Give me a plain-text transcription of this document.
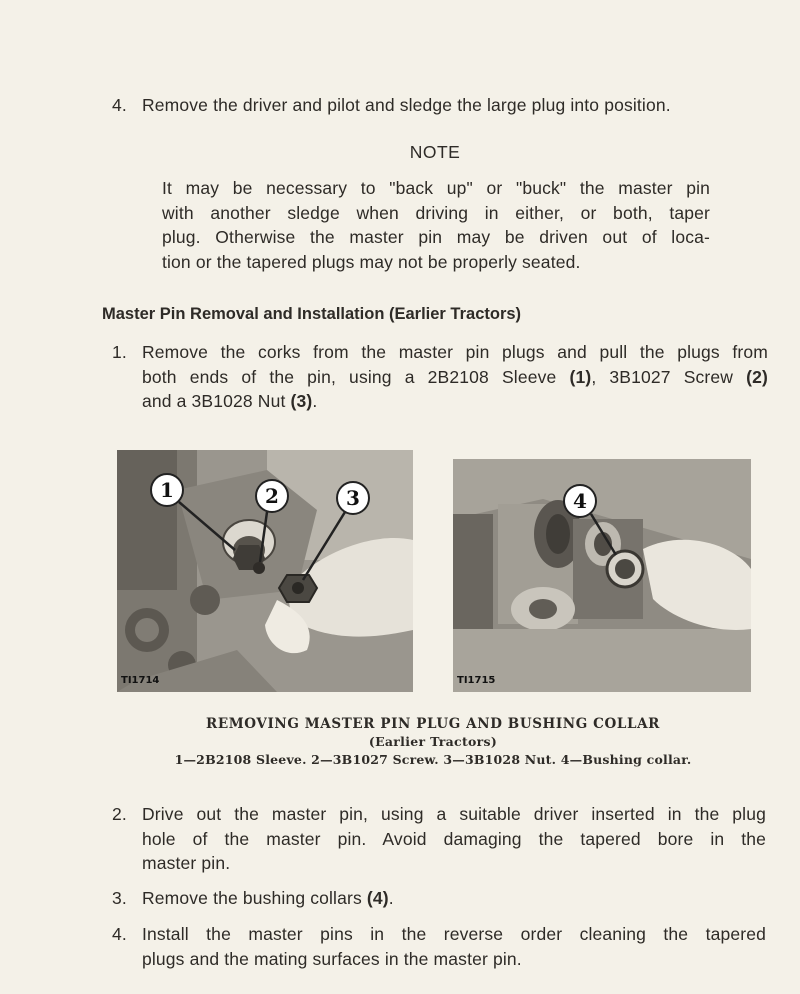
4. Remove the driver and pilot and sledge the large plug into position.
NOTE
It may be necessary to "back up" or "buck" the master pin
with another sledge when driving in either, or both, taper
plug. Otherwise the master pin may be driven out of loca-
tion or the tapered plugs may not be properly seated.
Master Pin Removal and Installation (Earlier Tractors)
1. Remove the corks from the master pin plugs and pull the plugs from
both ends of the pin, using a 2B2108 Sleeve (1), 3B1027 Screw (2)
and a 3B1028 Nut (3).
1	2	3
TI1714
4
TI1715
REMOVING MASTER PIN PLUG AND BUSHING COLLAR
(Earlier Tractors)
1—2B2108 Sleeve. 2—3B1027 Screw. 3—3B1028 Nut. 4—Bushing collar.
2. Drive out the master pin, using a suitable driver inserted in the plug
hole of the master pin. Avoid damaging the tapered bore in the
master pin.
3. Remove the bushing collars (4).
4. Install the master pins in the reverse order cleaning the tapered
plugs and the mating surfaces in the master pin.
